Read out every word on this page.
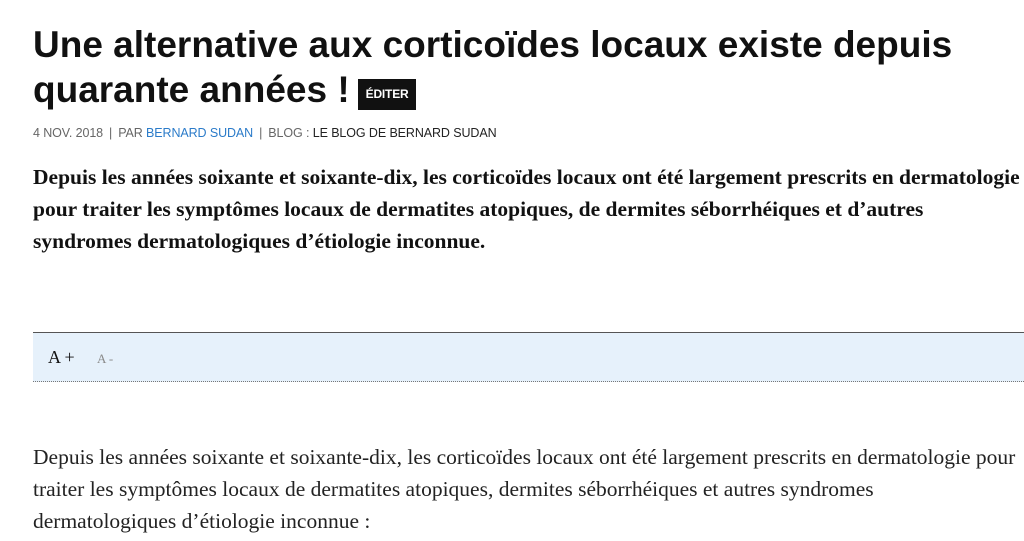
Une alternative aux corticoïdes locaux existe depuis quarante années ! ÉDITER
4 NOV. 2018 | PAR BERNARD SUDAN | BLOG : LE BLOG DE BERNARD SUDAN

Depuis les années soixante et soixante-dix, les corticoïdes locaux ont été largement prescrits en dermatologie pour traiter les symptômes locaux de dermatites atopiques, de dermites séborrhéiques et d’autres syndromes dermatologiques d’étiologie inconnue.

A + A -

Depuis les années soixante et soixante-dix, les corticoïdes locaux ont été largement prescrits en dermatologie pour traiter les symptômes locaux de dermatites atopiques, dermites séborrhéiques et autres syndromes dermatologiques d’étiologie inconnue :
